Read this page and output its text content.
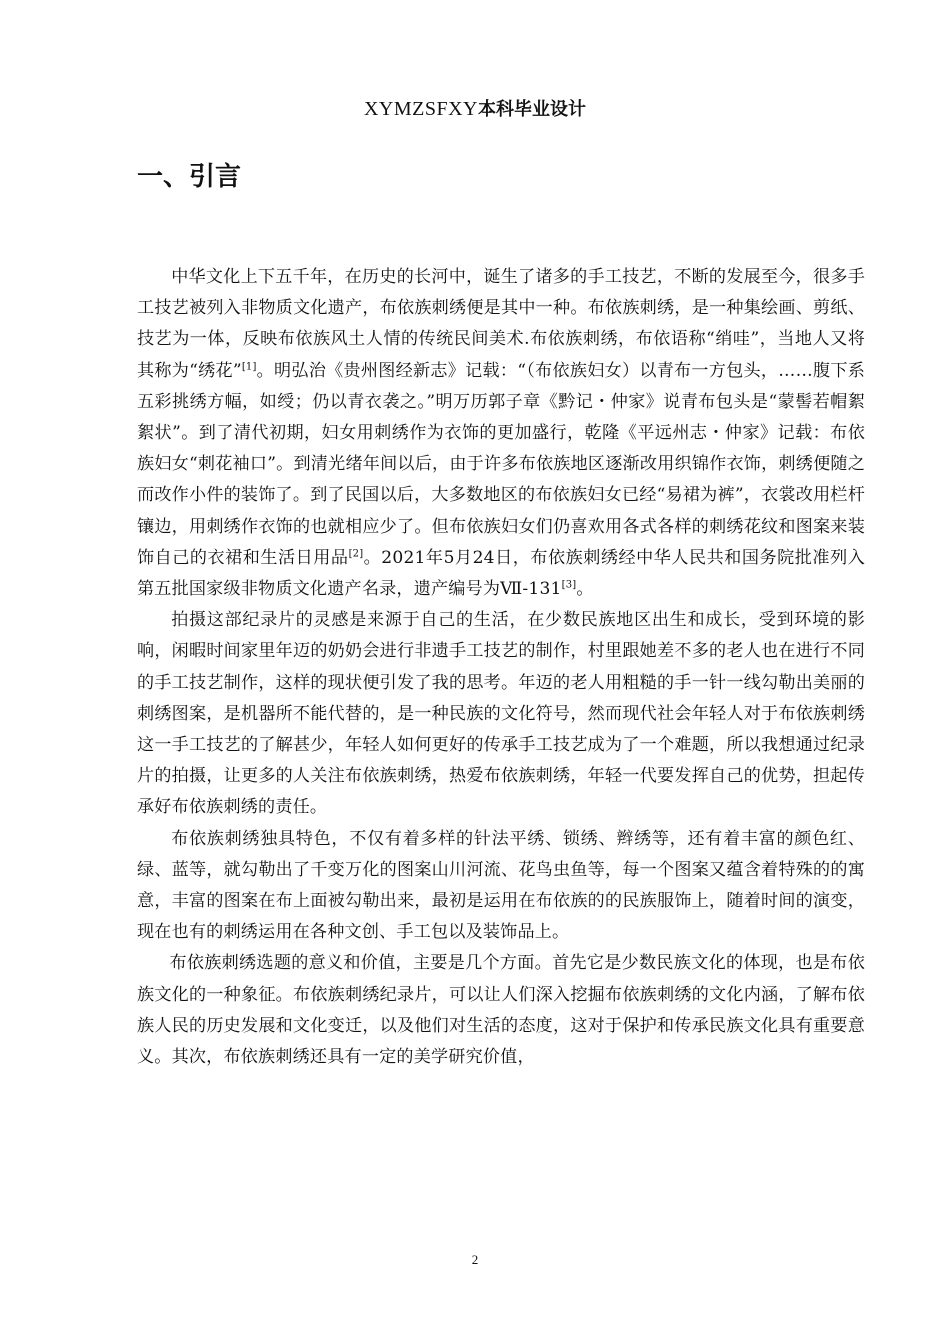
XYMZSFXY本科毕业设计
一、引言

中华文化上下五千年，在历史的长河中，诞生了诸多的手工技艺，不断的发展至今，很多手工技艺被列入非物质文化遗产，布依族刺绣便是其中一种。布依族刺绣，是一种集绘画、剪纸、技艺为一体，反映布依族风土人情的传统民间美术.布依族刺绣，布依语称“绡哇”，当地人又将其称为“绣花”[1]。明弘治《贵州图经新志》记载：“（布依族妇女）以青布一方包头，……腹下系五彩挑绣方幅，如绶；仍以青衣袭之。”明万历郭子章《黔记・仲家》说青布包头是“蒙髻若帽絮絮状”。到了清代初期，妇女用刺绣作为衣饰的更加盛行，乾隆《平远州志・仲家》记载：布依族妇女“刺花袖口”。到清光绪年间以后，由于许多布依族地区逐渐改用织锦作衣饰，刺绣便随之而改作小件的装饰了。到了民国以后，大多数地区的布依族妇女已经“易裙为裤”，衣裳改用栏杆镶边，用刺绣作衣饰的也就相应少了。但布依族妇女们仍喜欢用各式各样的刺绣花纹和图案来装饰自己的衣裙和生活日用品[2]。2021年5月24日，布依族刺绣经中华人民共和国务院批准列入第五批国家级非物质文化遗产名录，遗产编号为Ⅶ-131[3]。

拍摄这部纪录片的灵感是来源于自己的生活，在少数民族地区出生和成长，受到环境的影响，闲暇时间家里年迈的奶奶会进行非遗手工技艺的制作，村里跟她差不多的老人也在进行不同的手工技艺制作，这样的现状便引发了我的思考。年迈的老人用粗糙的手一针一线勾勒出美丽的刺绣图案，是机器所不能代替的，是一种民族的文化符号，然而现代社会年轻人对于布依族刺绣这一手工技艺的了解甚少，年轻人如何更好的传承手工技艺成为了一个难题，所以我想通过纪录片的拍摄，让更多的人关注布依族刺绣，热爱布依族刺绣，年轻一代要发挥自己的优势，担起传承好布依族刺绣的责任。

布依族刺绣独具特色，不仅有着多样的针法平绣、锁绣、辫绣等，还有着丰富的颜色红、绿、蓝等，就勾勒出了千变万化的图案山川河流、花鸟虫鱼等，每一个图案又蕴含着特殊的的寓意，丰富的图案在布上面被勾勒出来，最初是运用在布依族的的民族服饰上，随着时间的演变，现在也有的刺绣运用在各种文创、手工包以及装饰品上。

布依族刺绣选题的意义和价值，主要是几个方面。首先它是少数民族文化的体现，也是布依族文化的一种象征。布依族刺绣纪录片，可以让人们深入挖掘布依族刺绣的文化内涵，了解布依族人民的历史发展和文化变迁，以及他们对生活的态度，这对于保护和传承民族文化具有重要意义。其次，布依族刺绣还具有一定的美学研究价值，

2
